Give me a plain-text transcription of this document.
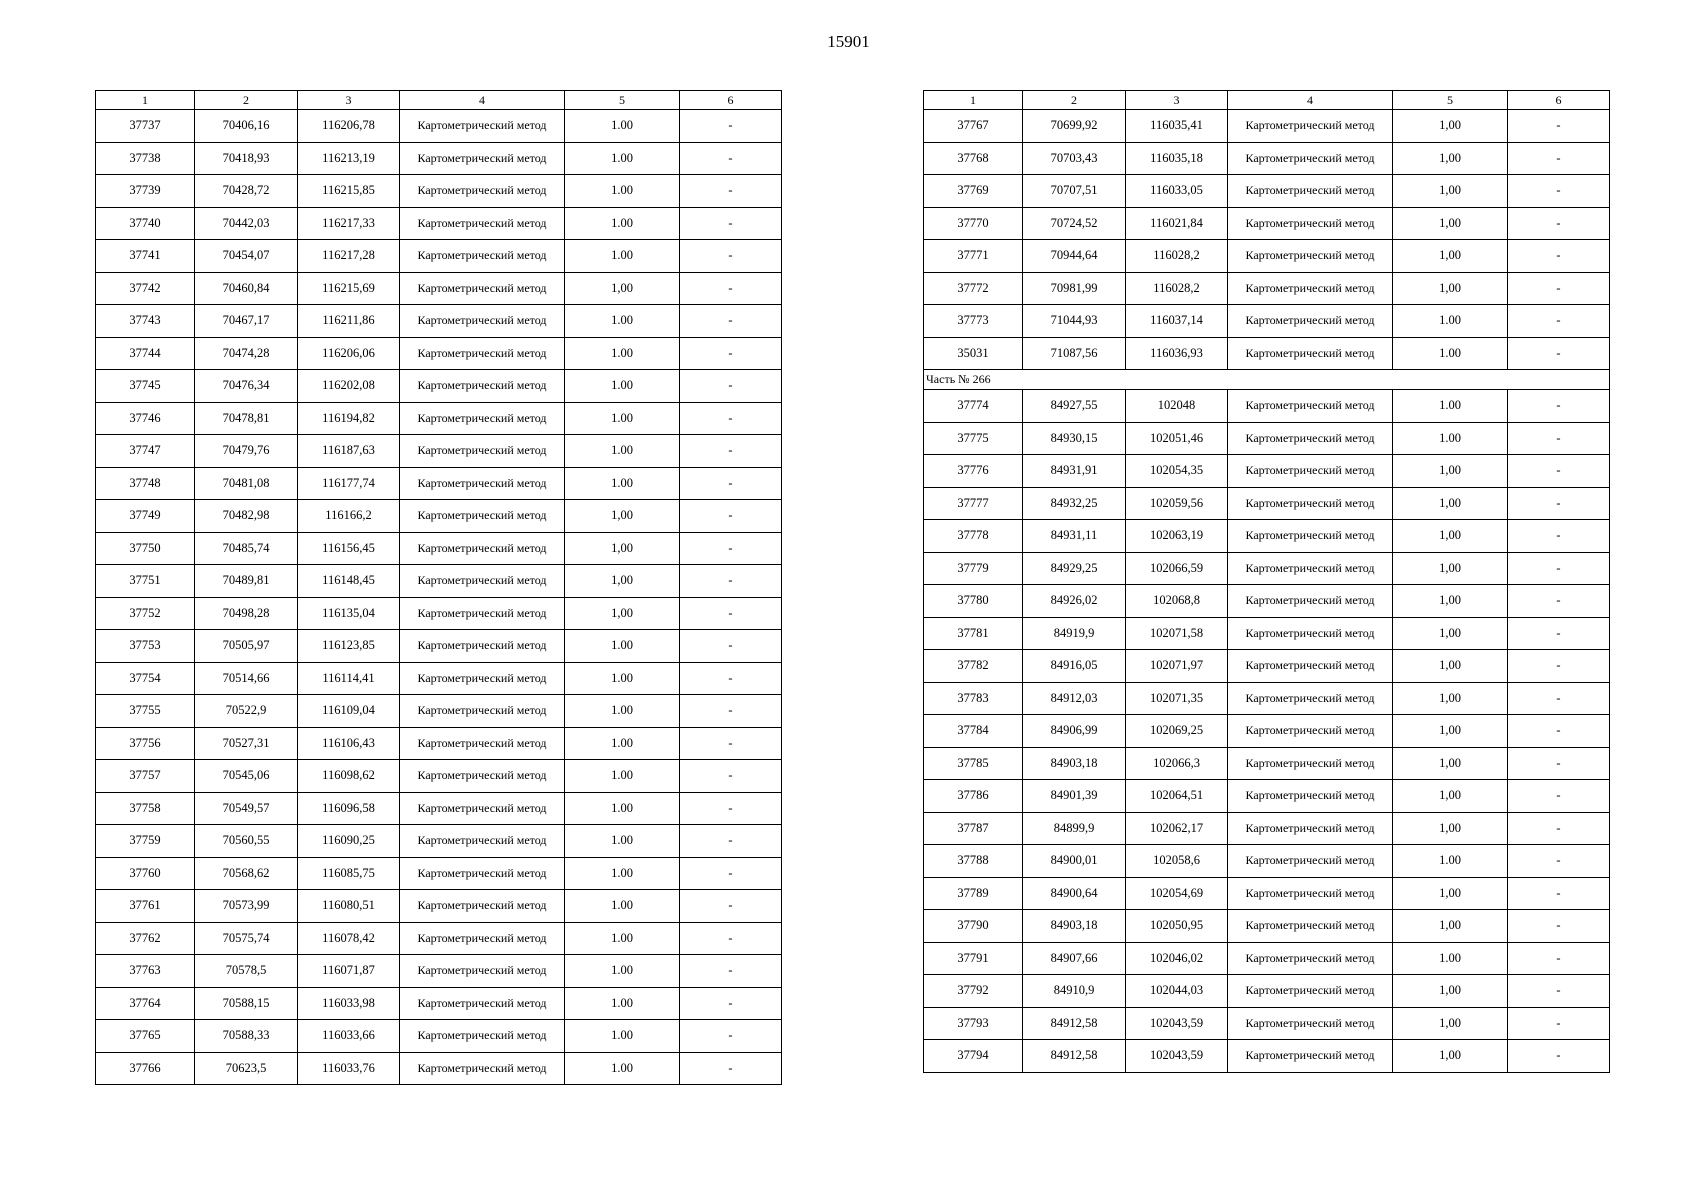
15901
1	2	3	4	5	6
37737	70406,16	116206,78	Картометрический метод	1.00	-
37738	70418,93	116213,19	Картометрический метод	1.00	-
37739	70428,72	116215,85	Картометрический метод	1.00	-
37740	70442,03	116217,33	Картометрический метод	1.00	-
37741	70454,07	116217,28	Картометрический метод	1.00	-
37742	70460,84	116215,69	Картометрический метод	1,00	-
37743	70467,17	116211,86	Картометрический метод	1.00	-
37744	70474,28	116206,06	Картометрический метод	1.00	-
37745	70476,34	116202,08	Картометрический метод	1.00	-
37746	70478,81	116194,82	Картометрический метод	1.00	-
37747	70479,76	116187,63	Картометрический метод	1.00	-
37748	70481,08	116177,74	Картометрический метод	1.00	-
37749	70482,98	116166,2	Картометрический метод	1,00	-
37750	70485,74	116156,45	Картометрический метод	1,00	-
37751	70489,81	116148,45	Картометрический метод	1,00	-
37752	70498,28	116135,04	Картометрический метод	1,00	-
37753	70505,97	116123,85	Картометрический метод	1.00	-
37754	70514,66	116114,41	Картометрический метод	1.00	-
37755	70522,9	116109,04	Картометрический метод	1.00	-
37756	70527,31	116106,43	Картометрический метод	1.00	-
37757	70545,06	116098,62	Картометрический метод	1.00	-
37758	70549,57	116096,58	Картометрический метод	1.00	-
37759	70560,55	116090,25	Картометрический метод	1.00	-
37760	70568,62	116085,75	Картометрический метод	1.00	-
37761	70573,99	116080,51	Картометрический метод	1.00	-
37762	70575,74	116078,42	Картометрический метод	1.00	-
37763	70578,5	116071,87	Картометрический метод	1.00	-
37764	70588,15	116033,98	Картометрический метод	1.00	-
37765	70588,33	116033,66	Картометрический метод	1.00	-
37766	70623,5	116033,76	Картометрический метод	1.00	-
1	2	3	4	5	6
37767	70699,92	116035,41	Картометрический метод	1,00	-
37768	70703,43	116035,18	Картометрический метод	1,00	-
37769	70707,51	116033,05	Картометрический метод	1,00	-
37770	70724,52	116021,84	Картометрический метод	1,00	-
37771	70944,64	116028,2	Картометрический метод	1,00	-
37772	70981,99	116028,2	Картометрический метод	1,00	-
37773	71044,93	116037,14	Картометрический метод	1.00	-
35031	71087,56	116036,93	Картометрический метод	1.00	-
Часть № 266					
37774	84927,55	102048	Картометрический метод	1.00	-
37775	84930,15	102051,46	Картометрический метод	1.00	-
37776	84931,91	102054,35	Картометрический метод	1,00	-
37777	84932,25	102059,56	Картометрический метод	1,00	-
37778	84931,11	102063,19	Картометрический метод	1,00	-
37779	84929,25	102066,59	Картометрический метод	1,00	-
37780	84926,02	102068,8	Картометрический метод	1,00	-
37781	84919,9	102071,58	Картометрический метод	1,00	-
37782	84916,05	102071,97	Картометрический метод	1,00	-
37783	84912,03	102071,35	Картометрический метод	1,00	-
37784	84906,99	102069,25	Картометрический метод	1,00	-
37785	84903,18	102066,3	Картометрический метод	1,00	-
37786	84901,39	102064,51	Картометрический метод	1,00	-
37787	84899,9	102062,17	Картометрический метод	1,00	-
37788	84900,01	102058,6	Картометрический метод	1.00	-
37789	84900,64	102054,69	Картометрический метод	1,00	-
37790	84903,18	102050,95	Картометрический метод	1,00	-
37791	84907,66	102046,02	Картометрический метод	1.00	-
37792	84910,9	102044,03	Картометрический метод	1,00	-
37793	84912,58	102043,59	Картометрический метод	1,00	-
37794	84912,58	102043,59	Картометрический метод	1,00	-
